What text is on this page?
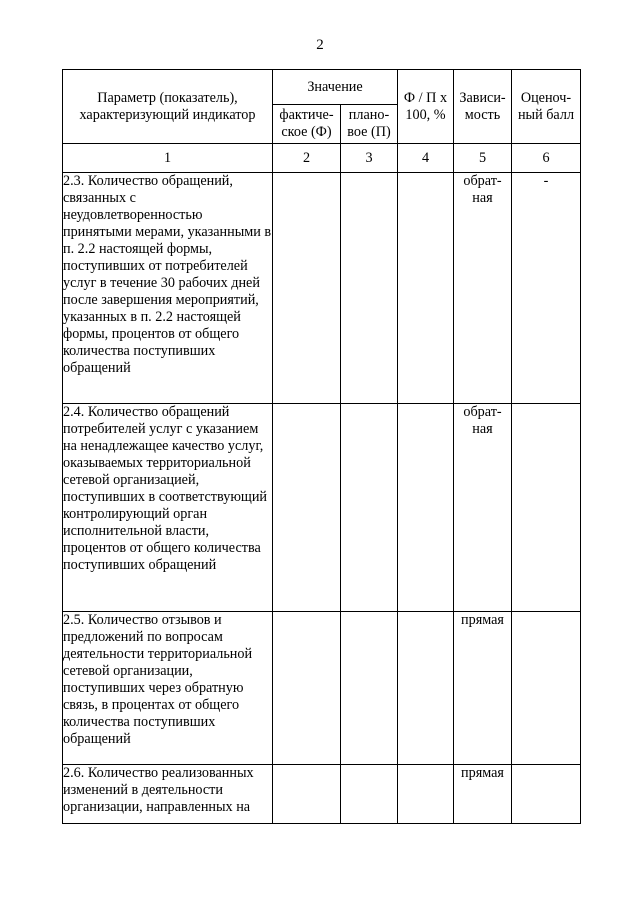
2
Параметр (показатель), характеризующий индикатор	Значение		Ф / П х 100, %	Зависи-мость	Оценоч-ный балл
	фактиче-ское (Ф)	плано-вое (П)			
1	2	3	4	5	6
2.3. Количество обращений, связанных с неудовлетворенностью принятыми мерами, указанными в п. 2.2 настоящей формы, поступивших от потребителей услуг в течение 30 рабочих дней после завершения мероприятий, указанных в п. 2.2 настоящей формы, процентов от общего количества поступивших обращений				обрат-ная	-
2.4. Количество обращений потребителей услуг с указанием на ненадлежащее качество услуг, оказываемых территориальной сетевой организацией, поступивших в соответствующий контролирующий орган исполнительной власти, процентов от общего количества поступивших обращений				обрат-ная	
2.5. Количество отзывов и предложений по вопросам деятельности территориальной сетевой организации, поступивших через обратную связь, в процентах от общего количества поступивших обращений				прямая	
2.6. Количество реализованных изменений в деятельности организации, направленных на				прямая	
